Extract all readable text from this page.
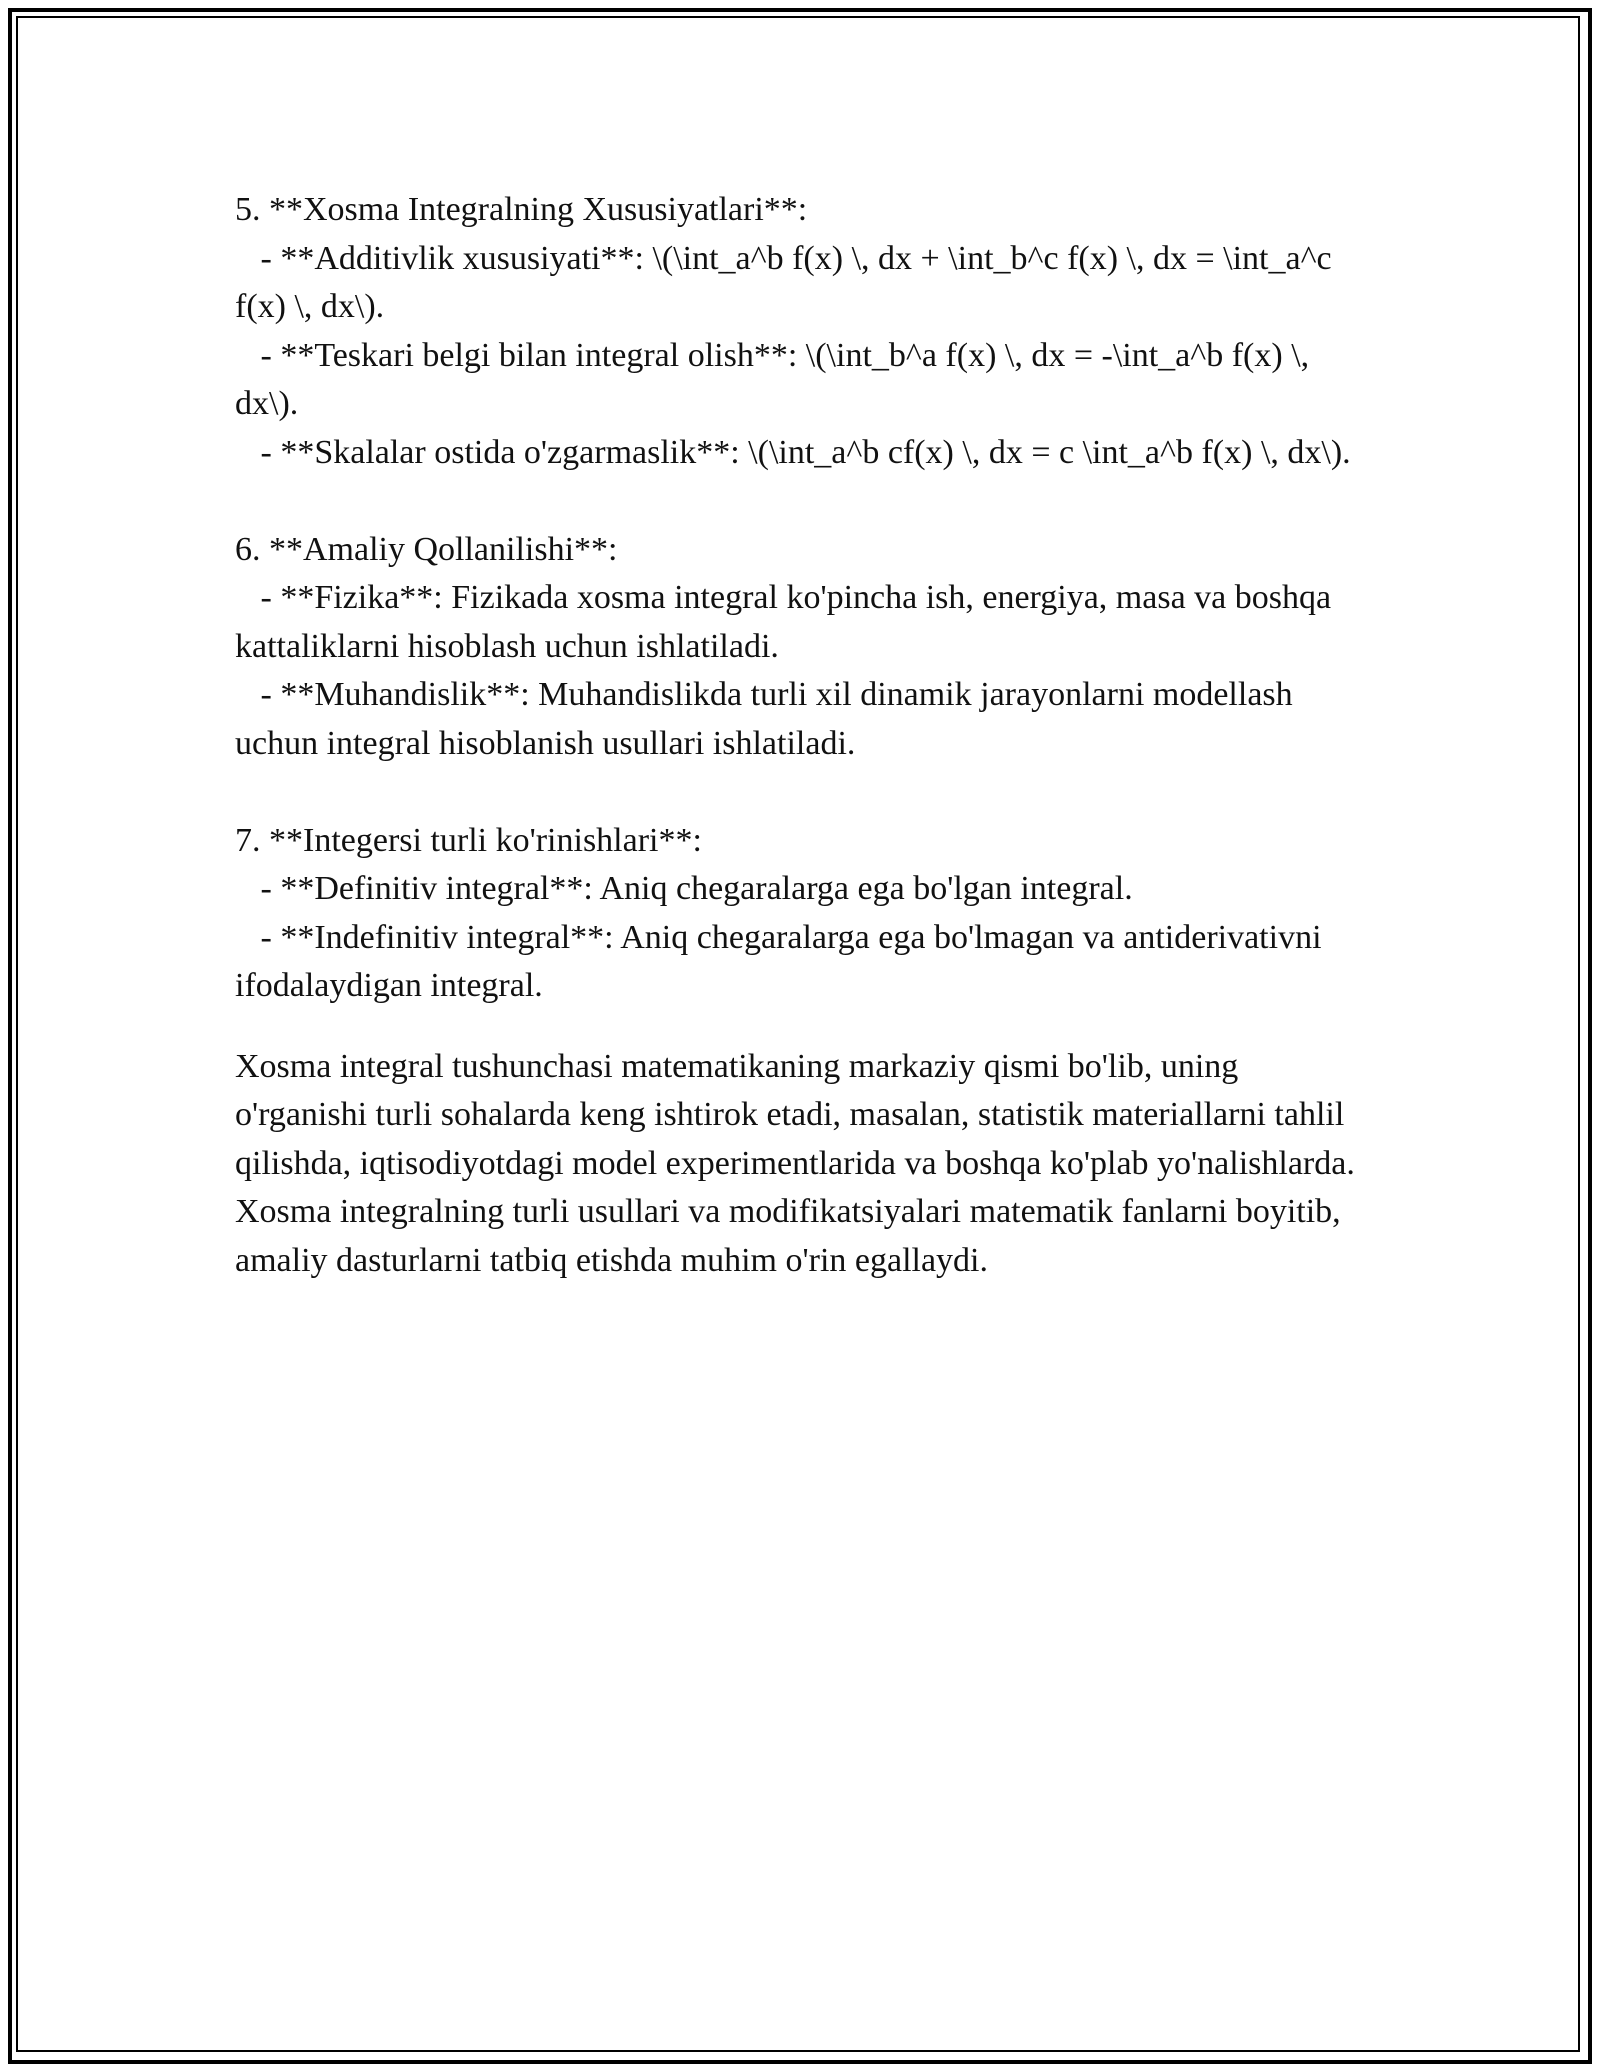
5. **Xosma Integralning Xususiyatlari**:

- **Additivlik xususiyati**: \(\int_a^b f(x) \, dx + \int_b^c f(x) \, dx = \int_a^c f(x) \, dx\).

- **Teskari belgi bilan integral olish**: \(\int_b^a f(x) \, dx = -\int_a^b f(x) \, dx\).

- **Skalalar ostida o'zgarmaslik**: \(\int_a^b cf(x) \, dx = c \int_a^b f(x) \, dx\).

6. **Amaliy Qollanilishi**:

- **Fizika**: Fizikada xosma integral ko'pincha ish, energiya, masa va boshqa kattaliklarni hisoblash uchun ishlatiladi.

- **Muhandislik**: Muhandislikda turli xil dinamik jarayonlarni modellash uchun integral hisoblanish usullari ishlatiladi.

7. **Integersi turli ko'rinishlari**:

- **Definitiv integral**: Aniq chegaralarga ega bo'lgan integral.

- **Indefinitiv integral**: Aniq chegaralarga ega bo'lmagan va antiderivativni ifodalaydigan integral.

Xosma integral tushunchasi matematikaning markaziy qismi bo'lib, uning o'rganishi turli sohalarda keng ishtirok etadi, masalan, statistik materiallarni tahlil qilishda, iqtisodiyotdagi model experimentlarida va boshqa ko'plab yo'nalishlarda. Xosma integralning turli usullari va modifikatsiyalari matematik fanlarni boyitib, amaliy dasturlarni tatbiq etishda muhim o'rin egallaydi.
